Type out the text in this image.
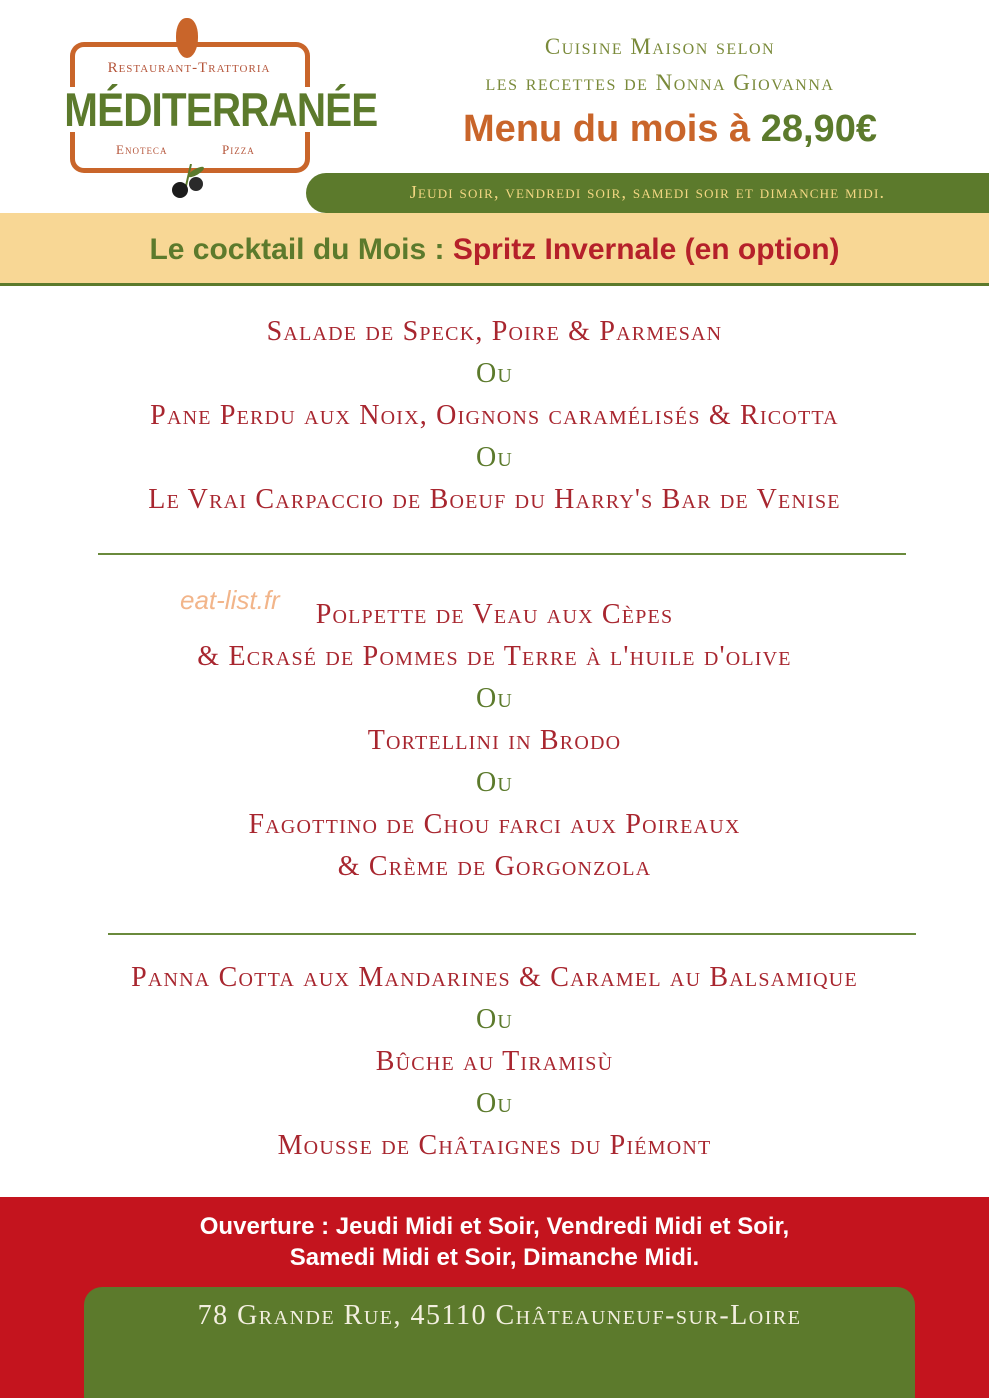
Restaurant-Trattoria
MÉDITERRANÉE
Enoteca	Pizza
Cuisine Maison selon
les recettes de Nonna Giovanna
Menu du mois à 28,90€
Jeudi soir, vendredi soir, samedi soir et dimanche midi.
Le cocktail du Mois : Spritz Invernale (en option)
Salade de Speck, Poire & Parmesan
Ou
Pane Perdu aux Noix, Oignons caramélisés & Ricotta
Ou
Le Vrai Carpaccio de Boeuf du Harry's Bar de Venise
eat-list.fr	Polpette de Veau aux Cèpes
& Ecrasé de Pommes de Terre à l'huile d'olive
Ou
Tortellini in Brodo
Ou
Fagottino de Chou farci aux Poireaux
& Crème de Gorgonzola
Panna Cotta aux Mandarines & Caramel au Balsamique
Ou
Bûche au Tiramisù
Ou
Mousse de Châtaignes du Piémont
Ouverture : Jeudi Midi et Soir, Vendredi Midi et Soir,
Samedi Midi et Soir, Dimanche Midi.
78 Grande Rue, 45110 Châteauneuf-sur-Loire
